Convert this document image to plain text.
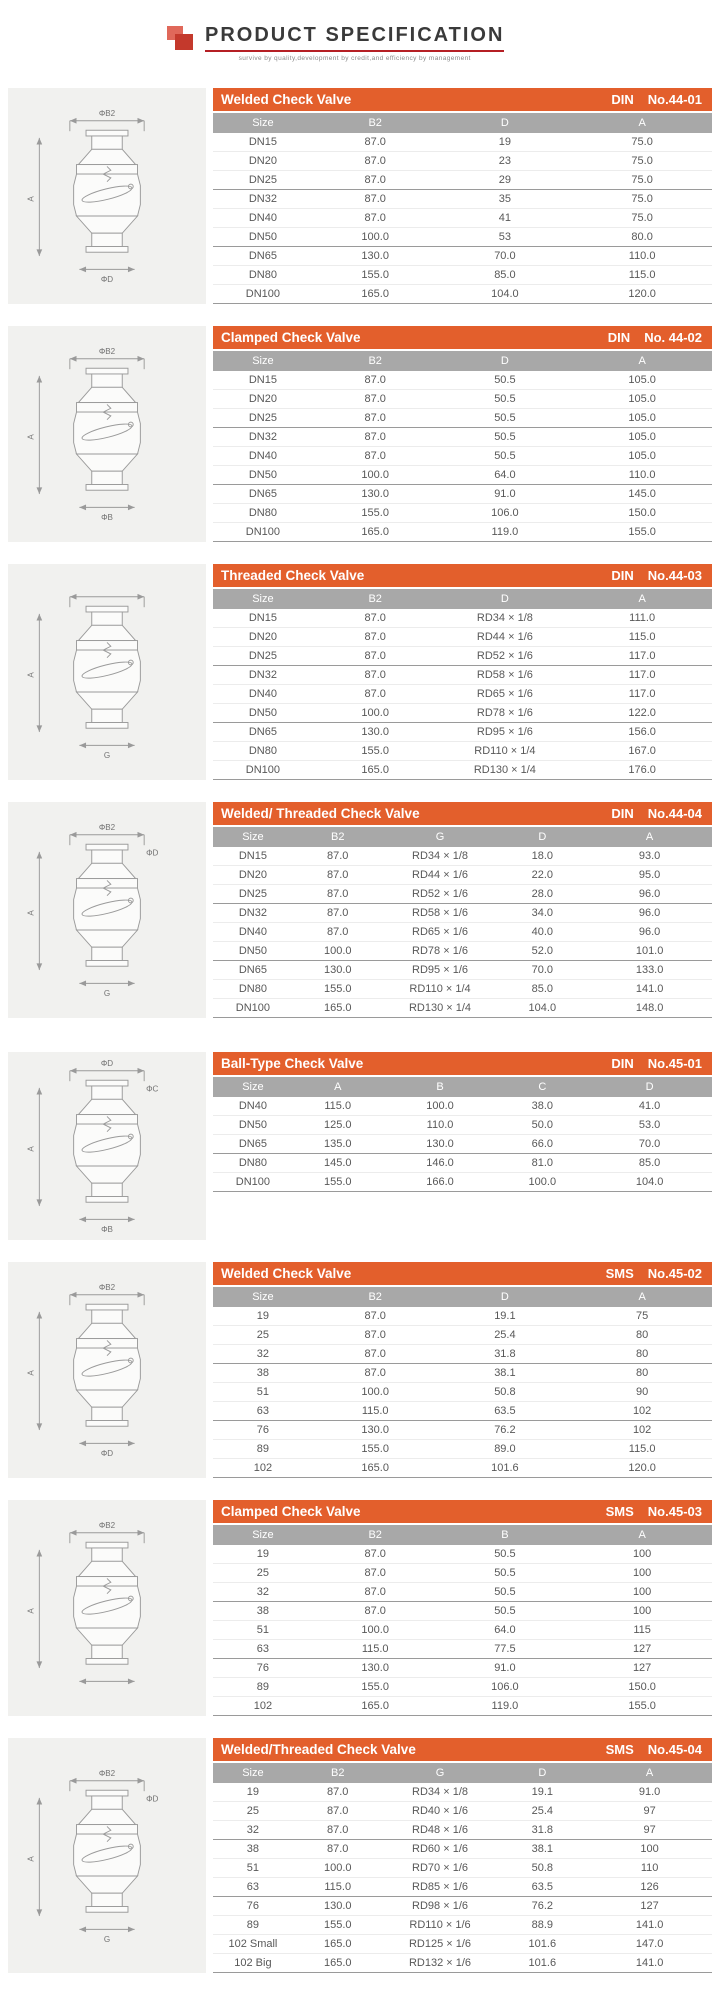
PRODUCT SPECIFICATION
survive by quality,development by credit,and efficiency by management
ΦB2
A
ΦD
Welded Check Valve	DIN No.44-01
Size	B2	D	A
DN15	87.0	19	75.0
DN20	87.0	23	75.0
DN25	87.0	29	75.0
DN32	87.0	35	75.0
DN40	87.0	41	75.0
DN50	100.0	53	80.0
DN65	130.0	70.0	110.0
DN80	155.0	85.0	115.0
DN100	165.0	104.0	120.0
ΦB2
A
ΦB
Clamped Check Valve	DIN No. 44-02
Size	B2	D	A
DN15	87.0	50.5	105.0
DN20	87.0	50.5	105.0
DN25	87.0	50.5	105.0
DN32	87.0	50.5	105.0
DN40	87.0	50.5	105.0
DN50	100.0	64.0	110.0
DN65	130.0	91.0	145.0
DN80	155.0	106.0	150.0
DN100	165.0	119.0	155.0
A
G
Threaded Check Valve	DIN No.44-03
Size	B2	D	A
DN15	87.0	RD34 × 1/8	111.0
DN20	87.0	RD44 × 1/6	115.0
DN25	87.0	RD52 × 1/6	117.0
DN32	87.0	RD58 × 1/6	117.0
DN40	87.0	RD65 × 1/6	117.0
DN50	100.0	RD78 × 1/6	122.0
DN65	130.0	RD95 × 1/6	156.0
DN80	155.0	RD110 × 1/4	167.0
DN100	165.0	RD130 × 1/4	176.0
ΦB2
ΦD
A
G
Welded/ Threaded Check Valve	DIN No.44-04
Size	B2	G	D	A
DN15	87.0	RD34 × 1/8	18.0	93.0
DN20	87.0	RD44 × 1/6	22.0	95.0
DN25	87.0	RD52 × 1/6	28.0	96.0
DN32	87.0	RD58 × 1/6	34.0	96.0
DN40	87.0	RD65 × 1/6	40.0	96.0
DN50	100.0	RD78 × 1/6	52.0	101.0
DN65	130.0	RD95 × 1/6	70.0	133.0
DN80	155.0	RD110 × 1/4	85.0	141.0
DN100	165.0	RD130 × 1/4	104.0	148.0
ΦD
ΦC
A
ΦB
Ball-Type Check Valve	DIN No.45-01
Size	A	B	C	D
DN40	115.0	100.0	38.0	41.0
DN50	125.0	110.0	50.0	53.0
DN65	135.0	130.0	66.0	70.0
DN80	145.0	146.0	81.0	85.0
DN100	155.0	166.0	100.0	104.0
ΦB2
A
ΦD
Welded Check Valve	SMS No.45-02
Size	B2	D	A
19	87.0	19.1	75
25	87.0	25.4	80
32	87.0	31.8	80
38	87.0	38.1	80
51	100.0	50.8	90
63	115.0	63.5	102
76	130.0	76.2	102
89	155.0	89.0	115.0
102	165.0	101.6	120.0
ΦB2
A
Clamped Check Valve	SMS No.45-03
Size	B2	B	A
19	87.0	50.5	100
25	87.0	50.5	100
32	87.0	50.5	100
38	87.0	50.5	100
51	100.0	64.0	115
63	115.0	77.5	127
76	130.0	91.0	127
89	155.0	106.0	150.0
102	165.0	119.0	155.0
ΦB2
ΦD
A
G
Welded/Threaded Check Valve	SMS No.45-04
Size	B2	G	D	A
19	87.0	RD34 × 1/8	19.1	91.0
25	87.0	RD40 × 1/6	25.4	97
32	87.0	RD48 × 1/6	31.8	97
38	87.0	RD60 × 1/6	38.1	100
51	100.0	RD70 × 1/6	50.8	110
63	115.0	RD85 × 1/6	63.5	126
76	130.0	RD98 × 1/6	76.2	127
89	155.0	RD110 × 1/6	88.9	141.0
102 Small	165.0	RD125 × 1/6	101.6	147.0
102 Big	165.0	RD132 × 1/6	101.6	141.0
